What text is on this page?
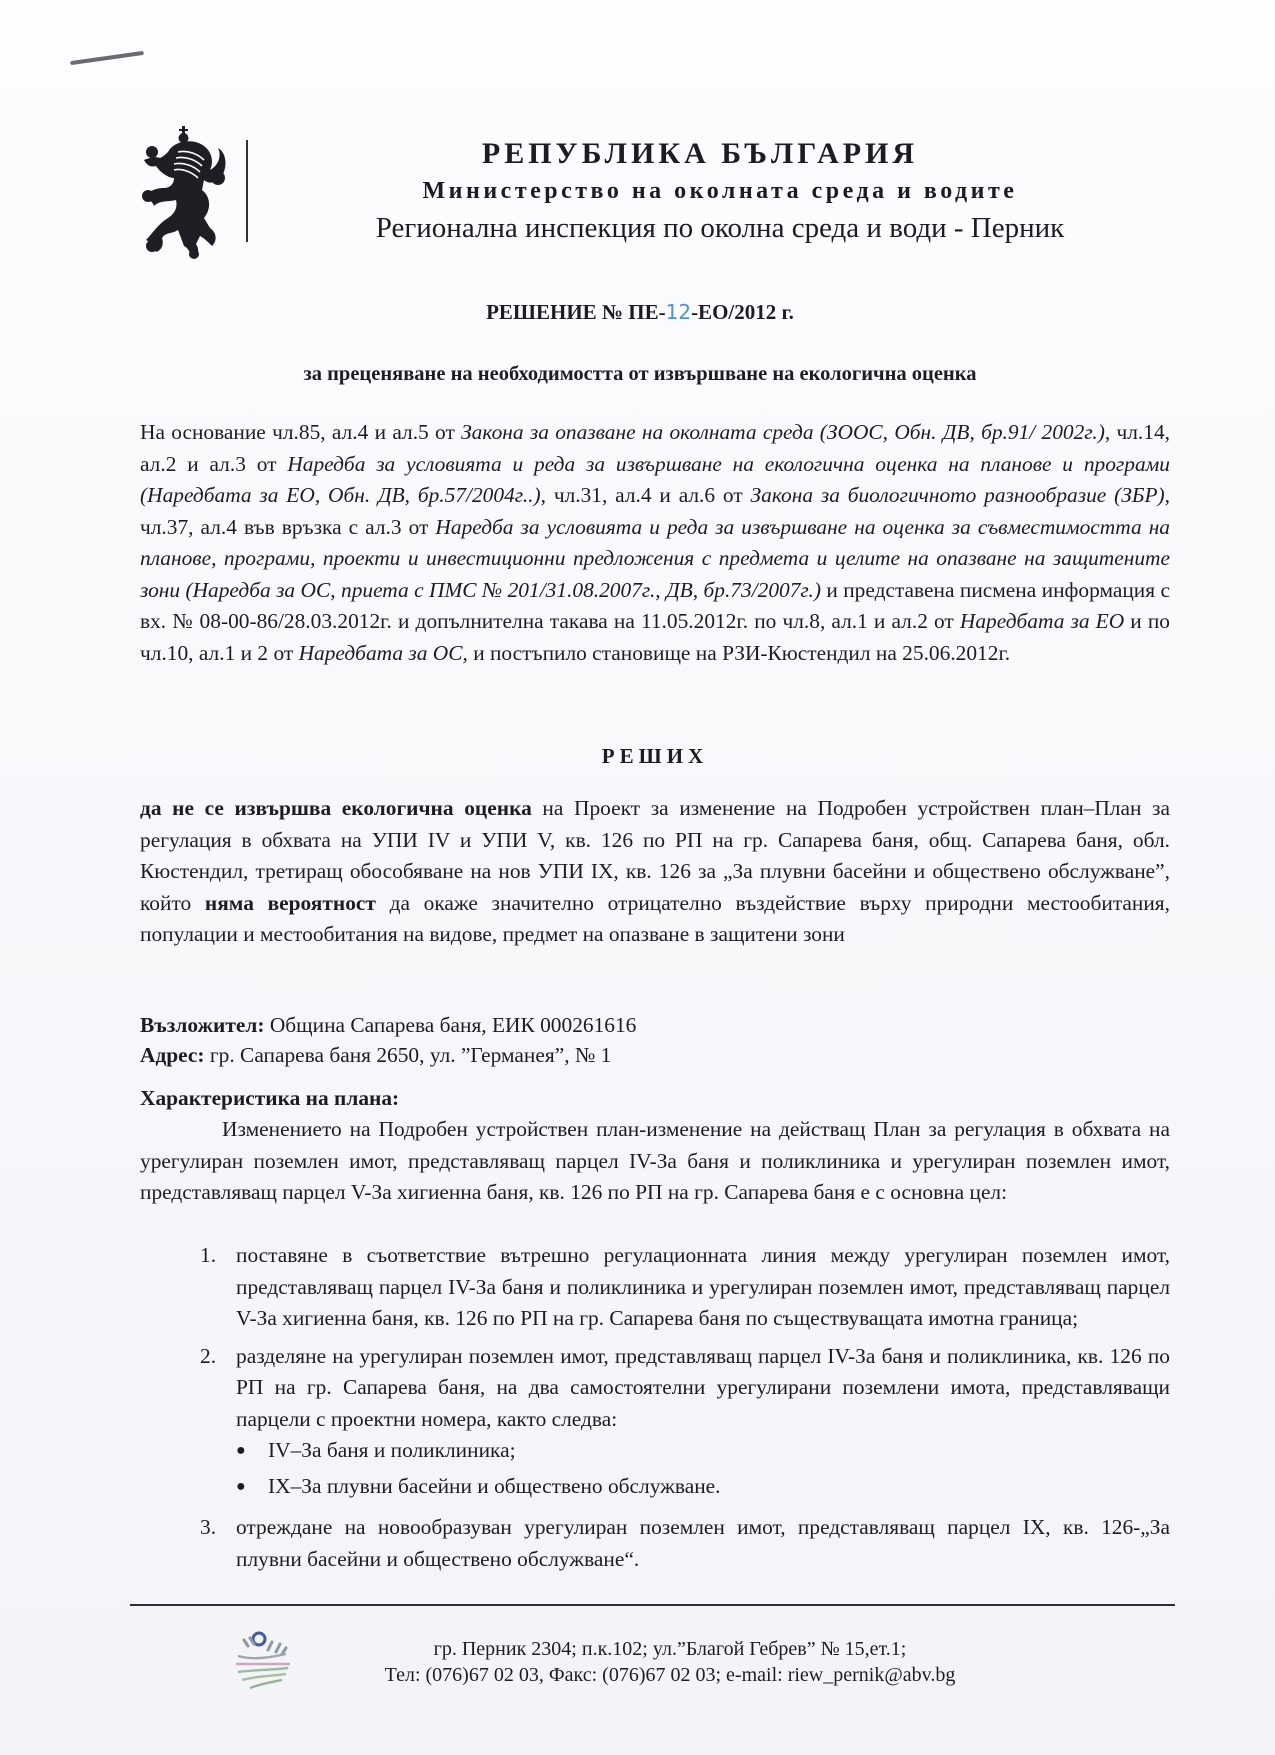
РЕПУБЛИКА БЪЛГАРИЯ
Министерство на околната среда и водите
Регионална инспекция по околна среда и води - Перник
РЕШЕНИЕ № ПЕ-12-ЕО/2012 г.
за преценяване на необходимостта от извършване на екологична оценка
На основание чл.85, ал.4 и ал.5 от Закона за опазване на околната среда (ЗООС, Обн. ДВ, бр.91/ 2002г.), чл.14, ал.2 и ал.3 от Наредба за условията и реда за извършване на екологична оценка на планове и програми (Наредбата за ЕО, Обн. ДВ, бр.57/2004г..), чл.31, ал.4 и ал.6 от Закона за биологичното разнообразие (ЗБР), чл.37, ал.4 във връзка с ал.3 от Наредба за условията и реда за извършване на оценка за съвместимостта на планове, програми, проекти и инвестиционни предложения с предмета и целите на опазване на защитените зони (Наредба за ОС, приета с ПМС № 201/31.08.2007г., ДВ, бр.73/2007г.) и представена писмена информация с вх. № 08-00-86/28.03.2012г. и допълнителна такава на 11.05.2012г. по чл.8, ал.1 и ал.2 от Наредбата за ЕО и по чл.10, ал.1 и 2 от Наредбата за ОС, и постъпило становище на РЗИ-Кюстендил на 25.06.2012г.
РЕШИХ
да не се извършва екологична оценка на Проект за изменение на Подробен устройствен план–План за регулация в обхвата на УПИ IV и УПИ V, кв. 126 по РП на гр. Сапарева баня, общ. Сапарева баня, обл. Кюстендил, третиращ обособяване на нов УПИ IX, кв. 126 за „За плувни басейни и обществено обслужване”, който няма вероятност да окаже значително отрицателно въздействие върху природни местообитания, популации и местообитания на видове, предмет на опазване в защитени зони
Възложител: Община Сапарева баня, ЕИК 000261616
Адрес: гр. Сапарева баня 2650, ул. ”Германея”, № 1
Характеристика на плана:
Изменението на Подробен устройствен план-изменение на действащ План за регулация в обхвата на урегулиран поземлен имот, представляващ парцел IV-За баня и поликлиника и урегулиран поземлен имот, представляващ парцел V-За хигиенна баня, кв. 126 по РП на гр. Сапарева баня е с основна цел:
1. поставяне в съответствие вътрешно регулационната линия между урегулиран поземлен имот, представляващ парцел IV-За баня и поликлиника и урегулиран поземлен имот, представляващ парцел V-За хигиенна баня, кв. 126 по РП на гр. Сапарева баня по съществуващата имотна граница;
2. разделяне на урегулиран поземлен имот, представляващ парцел IV-За баня и поликлиника, кв. 126 по РП на гр. Сапарева баня, на два самостоятелни урегулирани поземлени имота, представляващи парцели с проектни номера, както следва:
●	IV–За баня и поликлиника;
●	IX–За плувни басейни и обществено обслужване.
3. отреждане на новообразуван урегулиран поземлен имот, представляващ парцел IX, кв. 126-„За плувни басейни и обществено обслужване“.
гр. Перник 2304; п.к.102; ул.”Благой Гебрев” № 15,ет.1;
Тел: (076)67 02 03, Факс: (076)67 02 03; e-mail: riew_pernik@abv.bg
